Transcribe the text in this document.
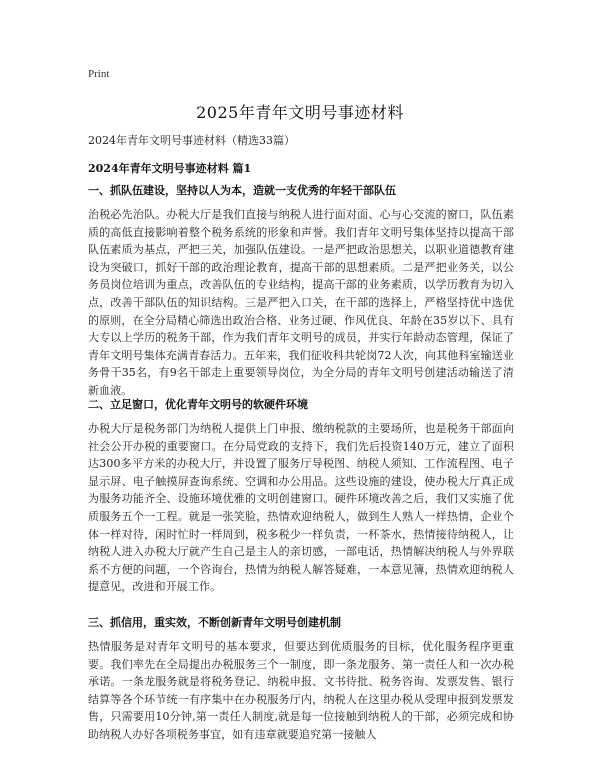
Print
2025年青年文明号事迹材料
2024年青年文明号事迹材料（精选33篇）
2024年青年文明号事迹材料 篇1
一、抓队伍建设，坚持以人为本，造就一支优秀的年轻干部队伍

治税必先治队。办税大厅是我们直接与纳税人进行面对面、心与心交流的窗口，队伍素质的高低直接影响着整个税务系统的形象和声誉。我们青年文明号集体坚持以提高干部队伍素质为基点，严把三关，加强队伍建设。一是严把政治思想关，以职业道德教育建设为突破口，抓好干部的政治理论教育，提高干部的思想素质。二是严把业务关，以公务员岗位培训为重点，改善队伍的专业结构，提高干部的业务素质，以学历教育为切入点，改善干部队伍的知识结构。三是严把入口关，在干部的选择上，严格坚持优中选优的原则，在全分局精心筛选出政治合格、业务过硬、作风优良、年龄在35岁以下、具有大专以上学历的税务干部，作为我们青年文明号的成员，并实行年龄动态管理，保证了青年文明号集体充满青春活力。五年来，我们征收科共轮岗72人次，向其他科室输送业务骨干35名，有9名干部走上重要领导岗位，为全分局的青年文明号创建活动输送了清新血液。

二、立足窗口，优化青年文明号的软硬件环境

办税大厅是税务部门为纳税人提供上门申报、缴纳税款的主要场所，也是税务干部面向社会公开办税的重要窗口。在分局党政的支持下，我们先后投资140万元，建立了面积达300多平方米的办税大厅，并设置了服务厅导税图、纳税人须知、工作流程图、电子显示屏、电子触摸屏查询系统、空调和办公用品。这些设施的建设，使办税大厅真正成为服务功能齐全、设施环境优雅的文明创建窗口。硬件环境改善之后，我们又实施了优质服务五个一工程。就是一张笑脸，热情欢迎纳税人，做到生人熟人一样热情，企业个体一样对待，闲时忙时一样周到，税多税少一样负责，一杯茶水，热情接待纳税人，让纳税人进入办税大厅就产生自己是主人的亲切感，一部电话，热情解决纳税人与外界联系不方便的问题，一个咨询台，热情为纳税人解答疑难，一本意见簿，热情欢迎纳税人提意见，改进和开展工作。

三、抓信用，重实效，不断创新青年文明号创建机制

热情服务是对青年文明号的基本要求，但要达到优质服务的目标，优化服务程序更重要。我们率先在全局提出办税服务三个一制度，即一条龙服务、第一责任人和一次办税承诺。一条龙服务就是将税务登记、纳税申报、文书待批、税务咨询、发票发售、银行结算等各个环节统一有序集中在办税服务厅内，纳税人在这里办税从受理申报到发票发售，只需要用10分钟,第一责任人制度,就是每一位接触到纳税人的干部，必须完成和协助纳税人办好各项税务事宜，如有违章就要追究第一接触人
